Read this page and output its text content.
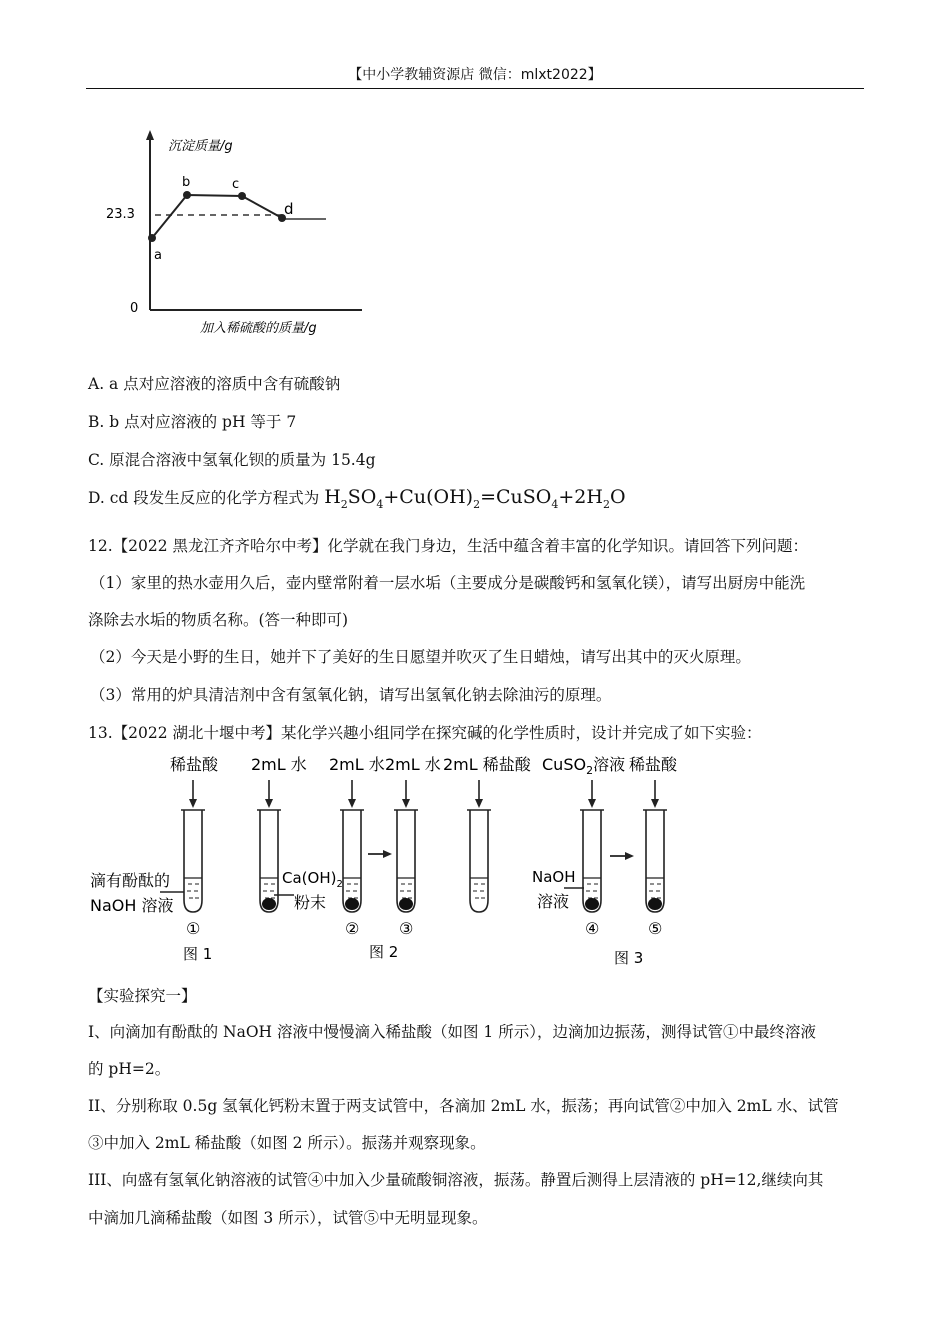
【中小学教辅资源店 微信：mlxt2022】
沉淀质量/g
加入稀硫酸的质量/g
0
23.3
a
b	c
d
A. a 点对应溶液的溶质中含有硫酸钠
B. b 点对应溶液的 pH 等于 7
C. 原混合溶液中氢氧化钡的质量为 15.4g
D. cd 段发生反应的化学方程式为 $H_2SO_4+Cu(OH)_2=CuSO_4+2H_2O$
12.【2022 黑龙江齐齐哈尔中考】化学就在我门身边，生活中蕴含着丰富的化学知识。请回答下列问题：
（1）家里的热水壶用久后，壶内壁常附着一层水垢（主要成分是碳酸钙和氢氧化镁），请写出厨房中能洗
涤除去水垢的物质名称。(答一种即可)
（2）今天是小野的生日，她并下了美好的生日愿望并吹灭了生日蜡烛，请写出其中的灭火原理。
（3）常用的炉具清洁剂中含有氢氧化钠，请写出氢氧化钠去除油污的原理。
13.【2022 湖北十堰中考】某化学兴趣小组同学在探究碱的化学性质时，设计并完成了如下实验：
稀盐酸 2mL 水 2mL 水 2mL 水 2mL 稀盐酸 CuSO$_2$溶液 稀盐酸
滴有酚酞的
NaOH 溶液
$Ca(OH)_2$
粉末
NaOH
溶液
①	② ③	④	⑤
图 1	图 2	图 3
【实验探究一】
I、向滴加有酚酞的 NaOH 溶液中慢慢滴入稀盐酸（如图 1 所示），边滴加边振荡，测得试管①中最终溶液
的 pH=2。
II、分别称取 0.5g 氢氧化钙粉末置于两支试管中，各滴加 2mL 水，振荡；再向试管②中加入 2mL 水、试管
③中加入 2mL 稀盐酸（如图 2 所示）。振荡并观察现象。
III、向盛有氢氧化钠溶液的试管④中加入少量硫酸铜溶液，振荡。静置后测得上层清液的 pH=12,继续向其
中滴加几滴稀盐酸（如图 3 所示），试管⑤中无明显现象。
